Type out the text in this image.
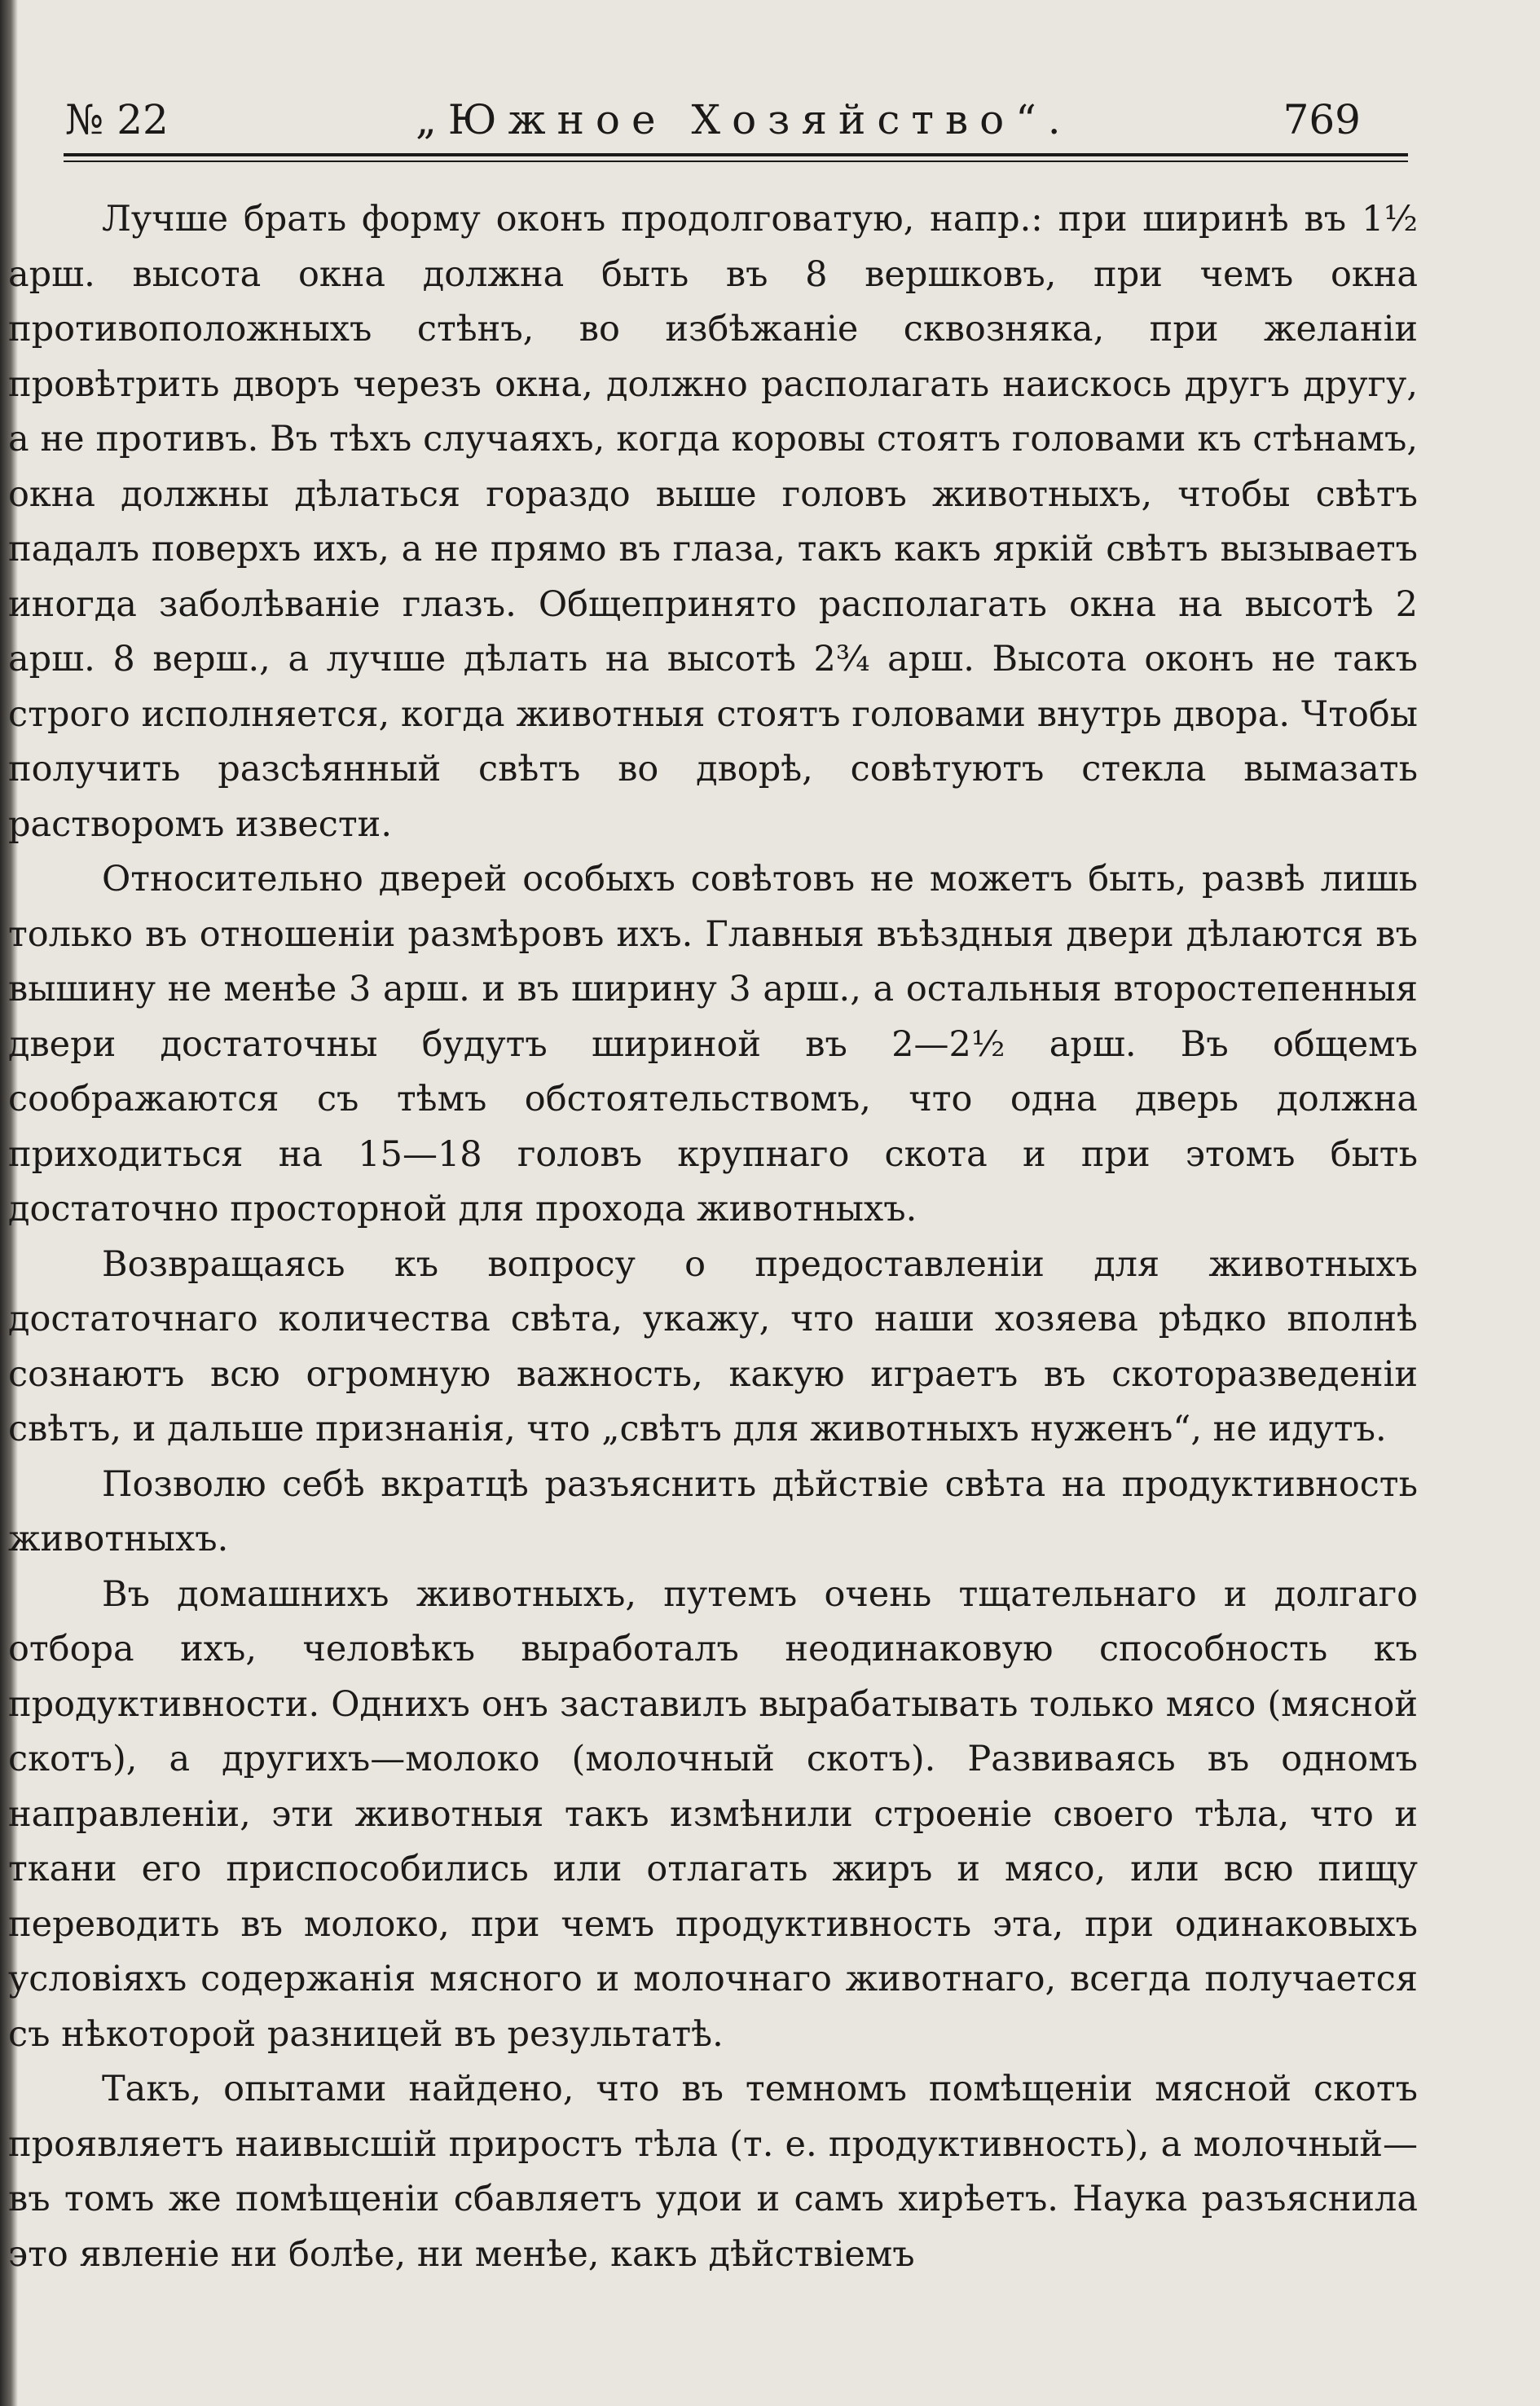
№ 22	„Южное Хозяйство“.	769

Лучше брать форму оконъ продолговатую, напр.: при ширинѣ въ 1½ арш. высота окна должна быть въ 8 вершковъ, при чемъ окна противоположныхъ стѣнъ, во избѣжаніе сквозняка, при желаніи провѣтрить дворъ черезъ окна, должно располагать наискось другъ другу, а не противъ. Въ тѣхъ случаяхъ, когда коровы стоятъ головами къ стѣнамъ, окна должны дѣлаться гораздо выше головъ животныхъ, чтобы свѣтъ падалъ поверхъ ихъ, а не прямо въ глаза, такъ какъ яркій свѣтъ вызываетъ иногда заболѣваніе глазъ. Общепринято располагать окна на высотѣ 2 арш. 8 верш., а лучше дѣлать на высотѣ 2¾ арш. Высота оконъ не такъ строго исполняется, когда животныя стоятъ головами внутрь двора. Чтобы получить разсѣянный свѣтъ во дворѣ, совѣтуютъ стекла вымазать растворомъ извести.

Относительно дверей особыхъ совѣтовъ не можетъ быть, развѣ лишь только въ отношеніи размѣровъ ихъ. Главныя въѣздныя двери дѣлаются въ вышину не менѣе 3 арш. и въ ширину 3 арш., а остальныя второстепенныя двери достаточны будутъ шириной въ 2—2½ арш. Въ общемъ соображаются съ тѣмъ обстоятельствомъ, что одна дверь должна приходиться на 15—18 головъ крупнаго скота и при этомъ быть достаточно просторной для прохода животныхъ.

Возвращаясь къ вопросу о предоставленіи для животныхъ достаточнаго количества свѣта, укажу, что наши хозяева рѣдко вполнѣ сознаютъ всю огромную важность, какую играетъ въ скотоpазведеніи свѣтъ, и дальше признанія, что „свѣтъ для животныхъ нуженъ“, не идутъ.

Позволю себѣ вкратцѣ разъяснить дѣйствіе свѣта на продуктивность животныхъ.

Въ домашнихъ животныхъ, путемъ очень тщательнаго и долгаго отбора ихъ, человѣкъ выработалъ неодинаковую способность къ продуктивности. Однихъ онъ заставилъ вырабатывать только мясо (мясной скотъ), а другихъ—молоко (молочный скотъ). Развиваясь въ одномъ направленіи, эти животныя такъ измѣнили строеніе своего тѣла, что и ткани его приспособились или отлагать жиръ и мясо, или всю пищу переводить въ молоко, при чемъ продуктивность эта, при одинаковыхъ условіяхъ содержанія мясного и молочнаго животнаго, всегда получается съ нѣкоторой разницей въ результатѣ.

Такъ, опытами найдено, что въ темномъ помѣщеніи мясной скотъ проявляетъ наивысшій приростъ тѣла (т. е. продуктивность), а молочный—въ томъ же помѣщеніи сбавляетъ удои и самъ хирѣетъ. Наука разъяснила это явленіе ни болѣе, ни менѣе, какъ дѣйствіемъ
